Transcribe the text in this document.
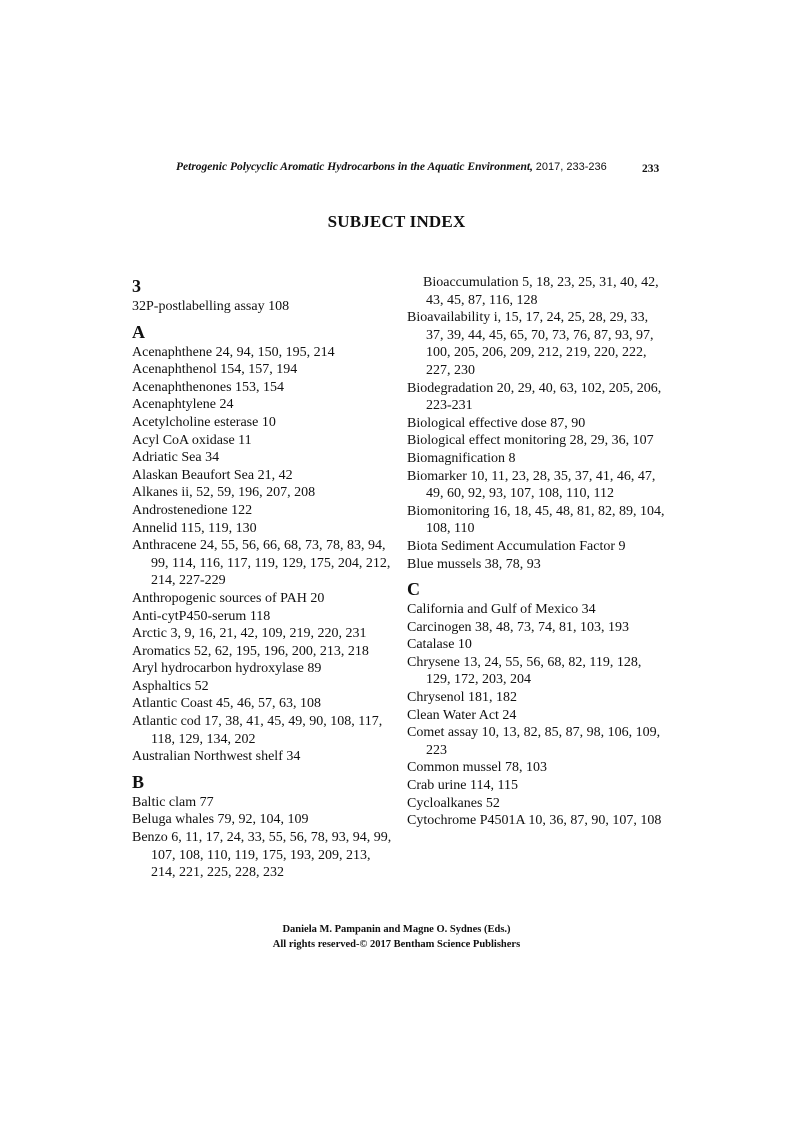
Petrogenic Polycyclic Aromatic Hydrocarbons in the Aquatic Environment, 2017, 233-236	233
SUBJECT INDEX
3
32P-postlabelling assay 108
A
Acenaphthene 24, 94, 150, 195, 214
Acenaphthenol 154, 157, 194
Acenaphthenones 153, 154
Acenaphtylene 24
Acetylcholine esterase 10
Acyl CoA oxidase 11
Adriatic Sea 34
Alaskan Beaufort Sea 21, 42
Alkanes ii, 52, 59, 196, 207, 208
Androstenedione 122
Annelid 115, 119, 130
Anthracene 24, 55, 56, 66, 68, 73, 78, 83, 94, 99, 114, 116, 117, 119, 129, 175, 204, 212, 214, 227-229
Anthropogenic sources of PAH 20
Anti-cytP450-serum 118
Arctic 3, 9, 16, 21, 42, 109, 219, 220, 231
Aromatics 52, 62, 195, 196, 200, 213, 218
Aryl hydrocarbon hydroxylase 89
Asphaltics 52
Atlantic Coast 45, 46, 57, 63, 108
Atlantic cod 17, 38, 41, 45, 49, 90, 108, 117, 118, 129, 134, 202
Australian Northwest shelf 34
B
Baltic clam 77
Beluga whales 79, 92, 104, 109
Benzo 6, 11, 17, 24, 33, 55, 56, 78, 93, 94, 99, 107, 108, 110, 119, 175, 193, 209, 213, 214, 221, 225, 228, 232
Bioaccumulation 5, 18, 23, 25, 31, 40, 42, 43, 45, 87, 116, 128
Bioavailability i, 15, 17, 24, 25, 28, 29, 33, 37, 39, 44, 45, 65, 70, 73, 76, 87, 93, 97, 100, 205, 206, 209, 212, 219, 220, 222, 227, 230
Biodegradation 20, 29, 40, 63, 102, 205, 206, 223-231
Biological effective dose 87, 90
Biological effect monitoring 28, 29, 36, 107
Biomagnification 8
Biomarker 10, 11, 23, 28, 35, 37, 41, 46, 47, 49, 60, 92, 93, 107, 108, 110, 112
Biomonitoring 16, 18, 45, 48, 81, 82, 89, 104, 108, 110
Biota Sediment Accumulation Factor 9
Blue mussels 38, 78, 93
C
California and Gulf of Mexico 34
Carcinogen 38, 48, 73, 74, 81, 103, 193
Catalase 10
Chrysene 13, 24, 55, 56, 68, 82, 119, 128, 129, 172, 203, 204
Chrysenol 181, 182
Clean Water Act 24
Comet assay 10, 13, 82, 85, 87, 98, 106, 109, 223
Common mussel 78, 103
Crab urine 114, 115
Cycloalkanes 52
Cytochrome P4501A 10, 36, 87, 90, 107, 108
Daniela M. Pampanin and Magne O. Sydnes (Eds.)
All rights reserved-© 2017 Bentham Science Publishers
